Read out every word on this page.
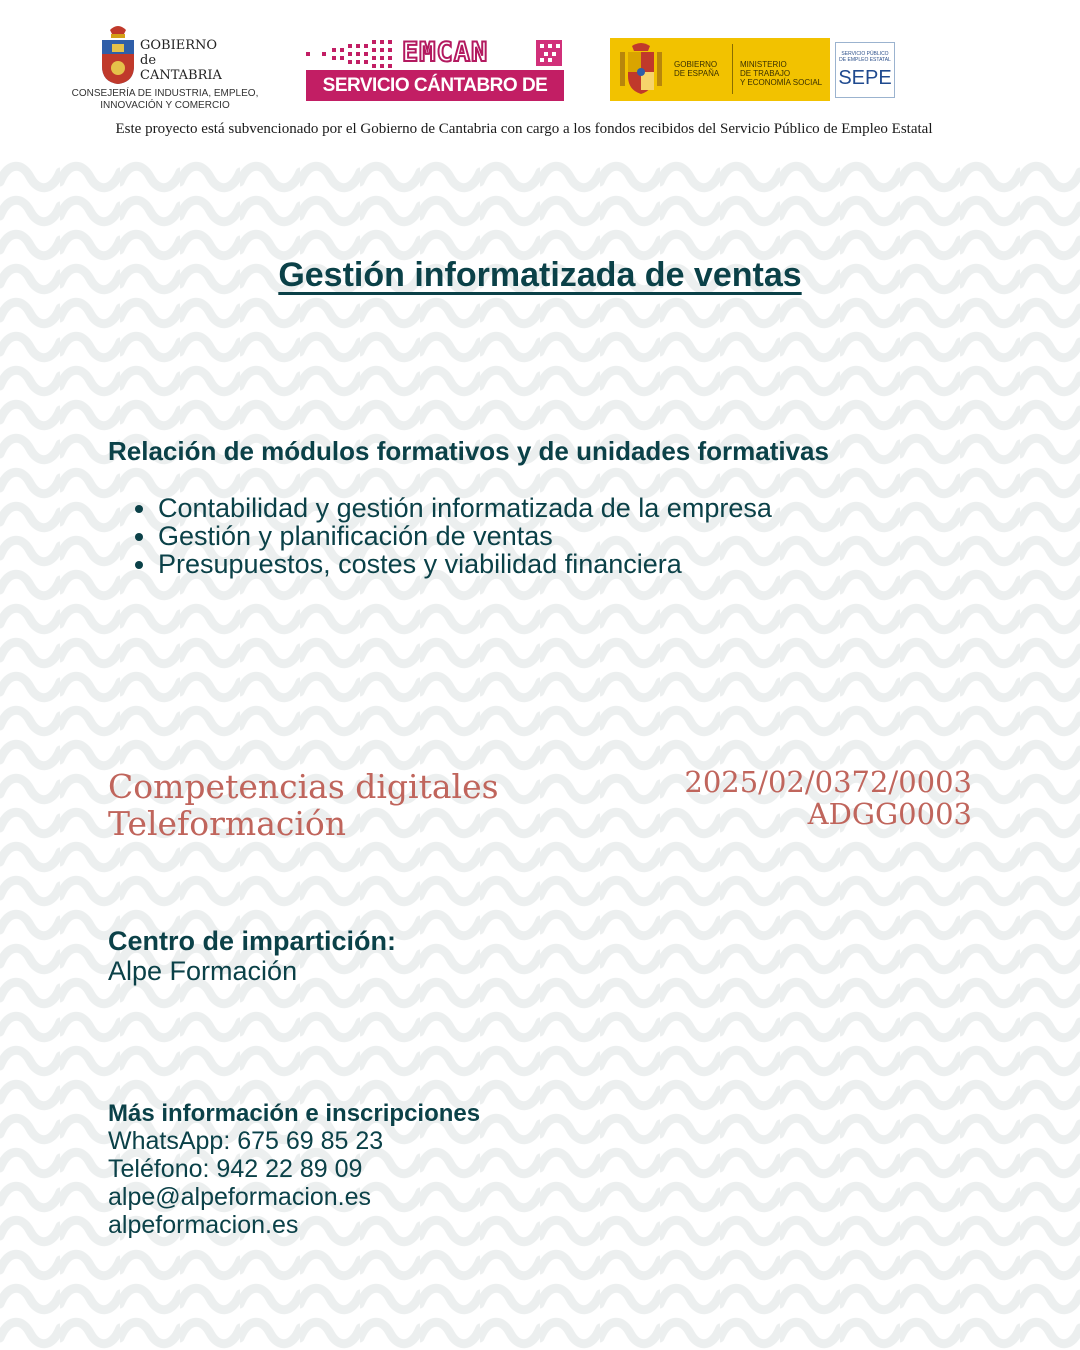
GOBIERNO
de
CANTABRIA
CONSEJERÍA DE INDUSTRIA, EMPLEO,
INNOVACIÓN Y COMERCIO
EMCAN
SERVICIO CÁNTABRO DE EMPLEO
GOBIERNO
DE ESPAÑA
MINISTERIO
DE TRABAJO
Y ECONOMÍA SOCIAL
SERVICIO PÚBLICO
DE EMPLEO ESTATAL
SEPE
Este proyecto está subvencionado por el Gobierno de Cantabria con cargo a los fondos recibidos del Servicio Público de Empleo Estatal
Gestión informatizada de ventas
Relación de módulos formativos y de unidades formativas
• Contabilidad y gestión informatizada de la empresa
• Gestión y planificación de ventas
• Presupuestos, costes y viabilidad financiera
Competencias digitales
Teleformación
2025/02/0372/0003
ADGG0003
Centro de impartición:
Alpe Formación
Más información e inscripciones
WhatsApp: 675 69 85 23
Teléfono: 942 22 89 09
alpe@alpeformacion.es
alpeformacion.es
